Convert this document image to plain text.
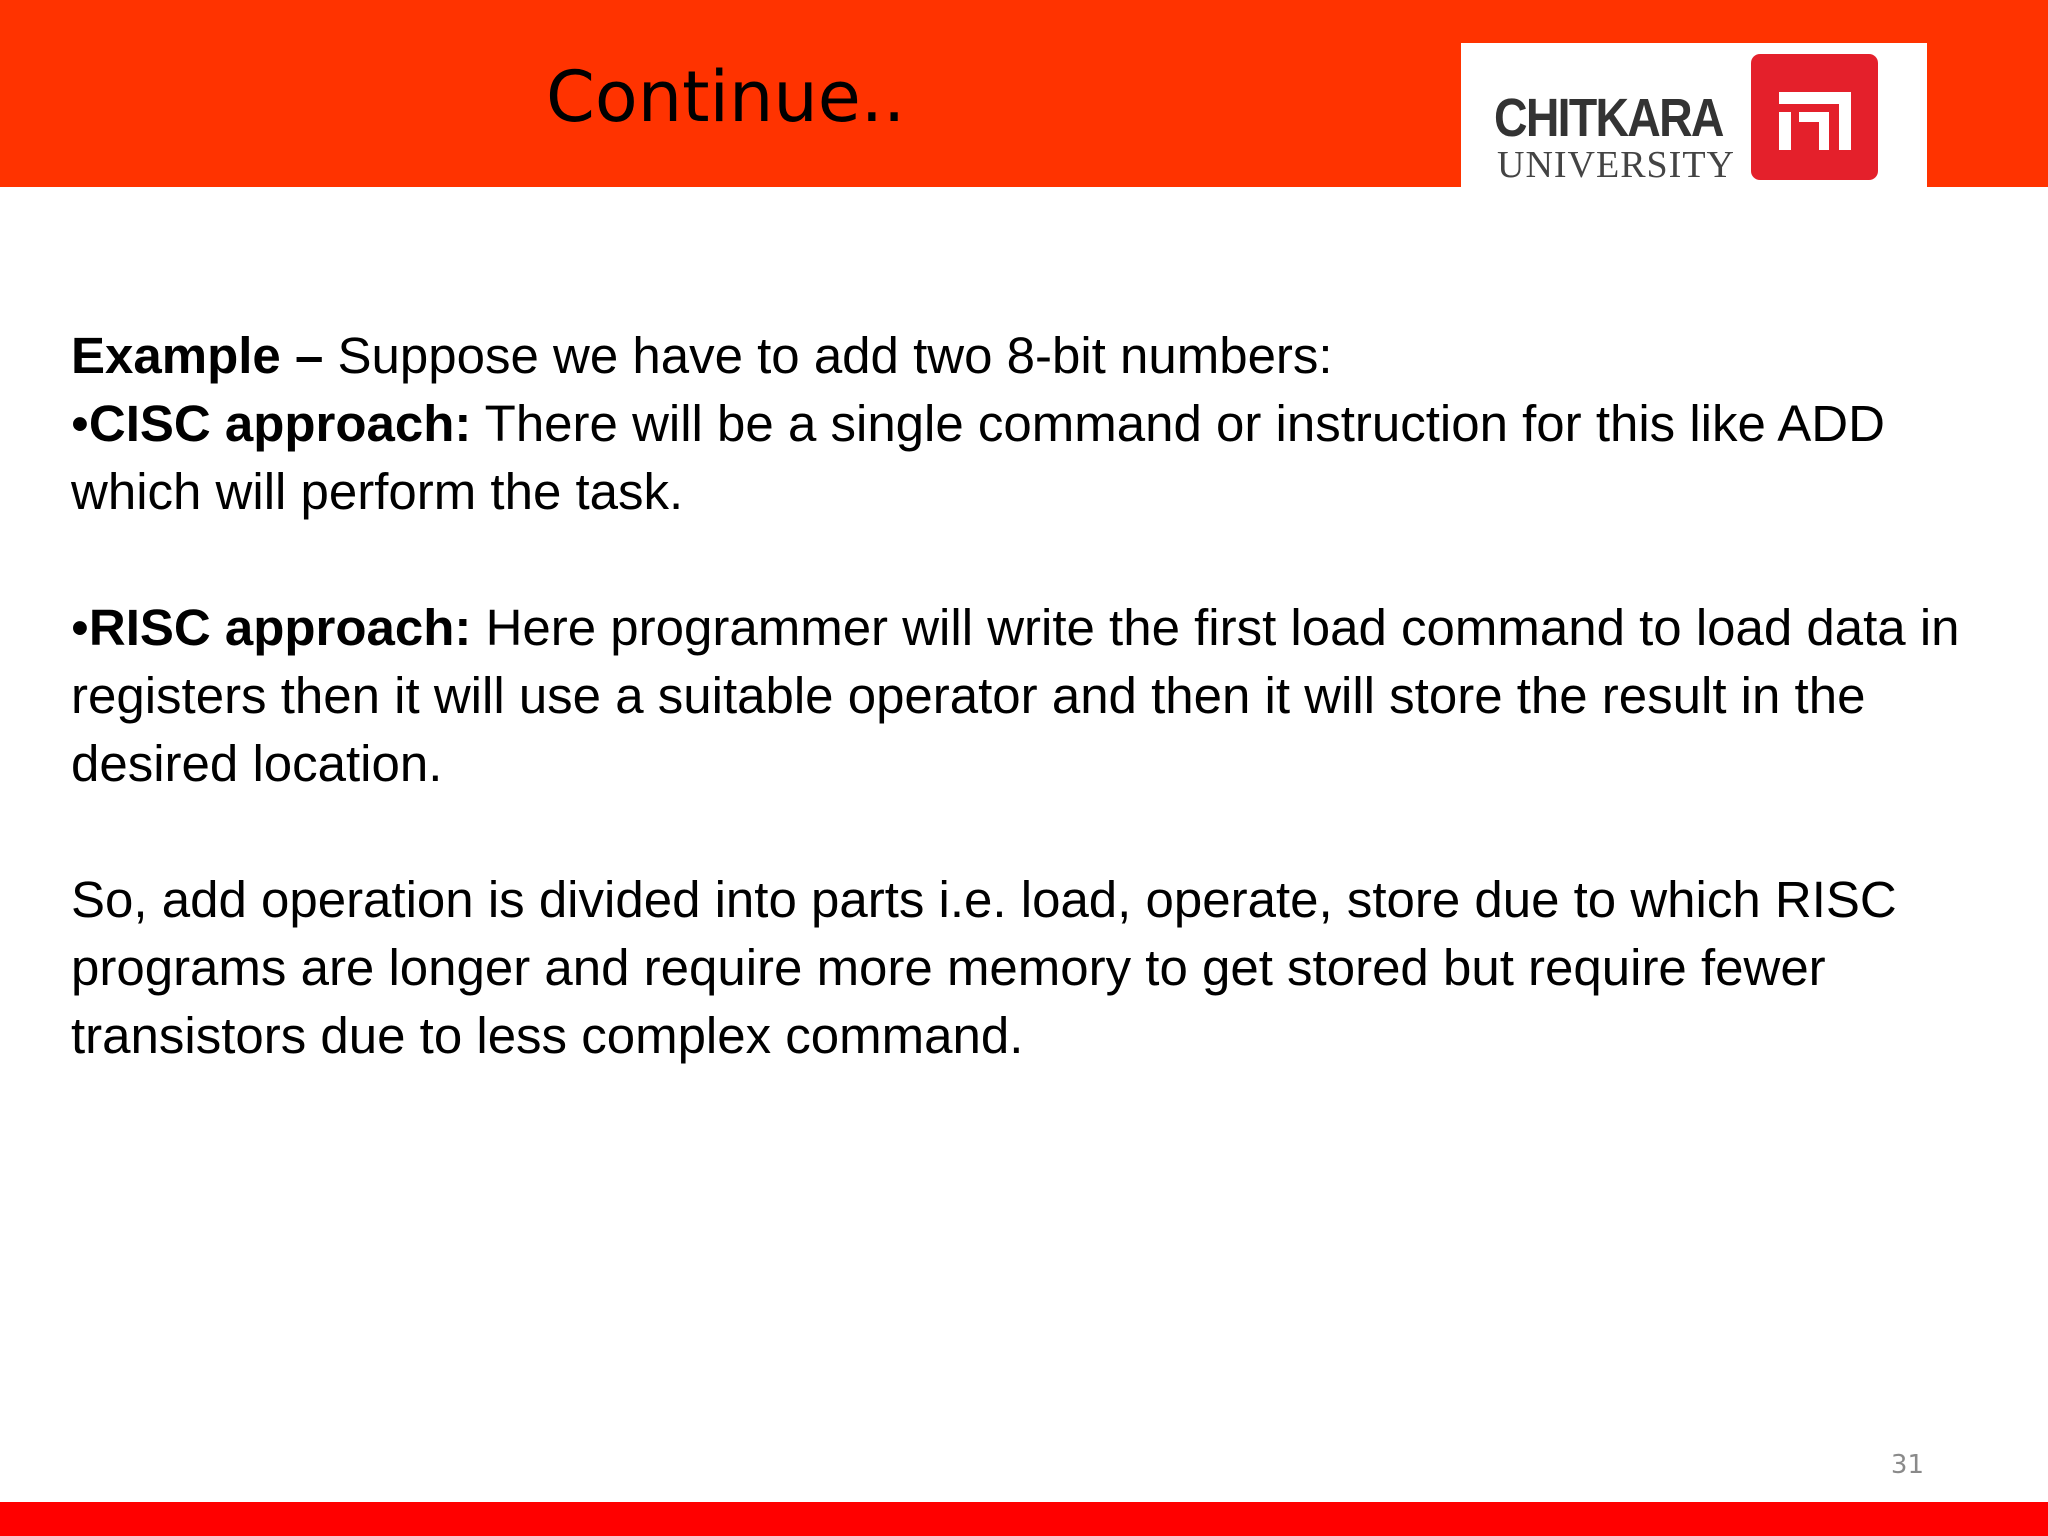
Continue..	CHITKARA
UNIVERSITY

Example – Suppose we have to add two 8-bit numbers:

•CISC approach: There will be a single command or instruction for this like ADD which will perform the task.

•RISC approach: Here programmer will write the first load command to load data in registers then it will use a suitable operator and then it will store the result in the desired location.

So, add operation is divided into parts i.e. load, operate, store due to which RISC programs are longer and require more memory to get stored but require fewer transistors due to less complex command.

31
